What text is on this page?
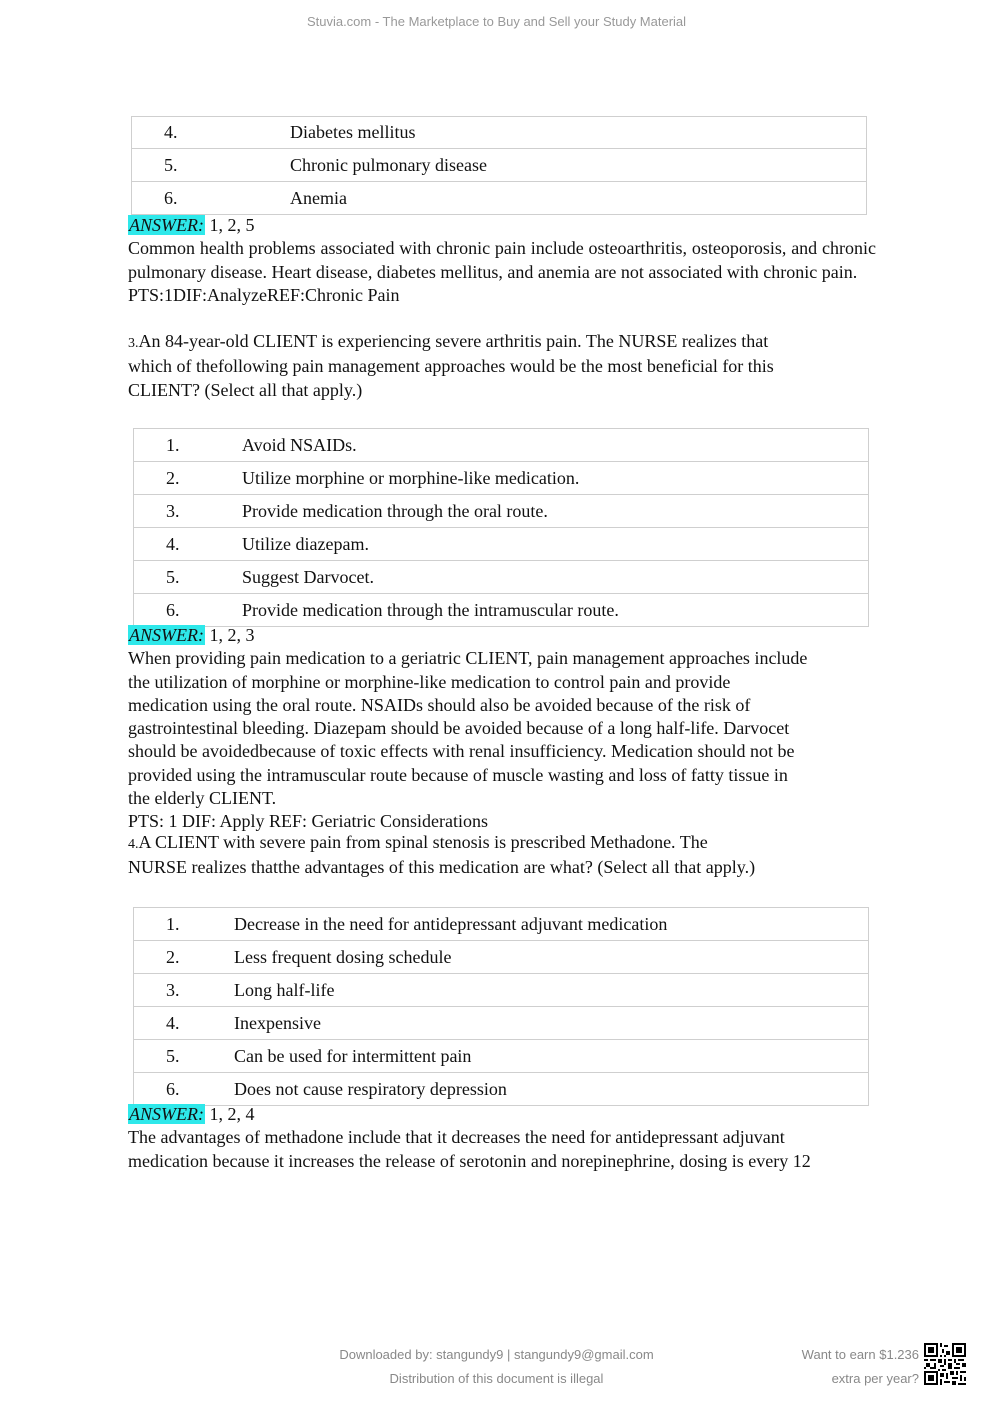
Stuvia.com - The Marketplace to Buy and Sell your Study Material
4.	Diabetes mellitus
5.	Chronic pulmonary disease
6.	Anemia
ANSWER: 1, 2, 5
Common health problems associated with chronic pain include osteoarthritis, osteoporosis, and chronic pulmonary disease. Heart disease, diabetes mellitus, and anemia are not associated with chronic pain.
PTS:1DIF:AnalyzeREF:Chronic Pain
3.An 84-year-old CLIENT is experiencing severe arthritis pain. The NURSE realizes that
which of thefollowing pain management approaches would be the most beneficial for this
CLIENT? (Select all that apply.)
1.	Avoid NSAIDs.
2.	Utilize morphine or morphine-like medication.
3.	Provide medication through the oral route.
4.	Utilize diazepam.
5.	Suggest Darvocet.
6.	Provide medication through the intramuscular route.
ANSWER: 1, 2, 3
When providing pain medication to a geriatric CLIENT, pain management approaches include
the utilization of morphine or morphine-like medication to control pain and provide
medication using the oral route. NSAIDs should also be avoided because of the risk of
gastrointestinal bleeding. Diazepam should be avoided because of a long half-life. Darvocet
should be avoidedbecause of toxic effects with renal insufficiency. Medication should not be
provided using the intramuscular route because of muscle wasting and loss of fatty tissue in
the elderly CLIENT.
PTS: 1 DIF: Apply REF: Geriatric Considerations
4.A CLIENT with severe pain from spinal stenosis is prescribed Methadone. The
NURSE realizes thatthe advantages of this medication are what? (Select all that apply.)
1.	Decrease in the need for antidepressant adjuvant medication
2.	Less frequent dosing schedule
3.	Long half-life
4.	Inexpensive
5.	Can be used for intermittent pain
6.	Does not cause respiratory depression
ANSWER: 1, 2, 4
The advantages of methadone include that it decreases the need for antidepressant adjuvant
medication because it increases the release of serotonin and norepinephrine, dosing is every 12
Downloaded by: stangundy9 | stangundy9@gmail.com
Distribution of this document is illegal
Want to earn $1.236
extra per year?
